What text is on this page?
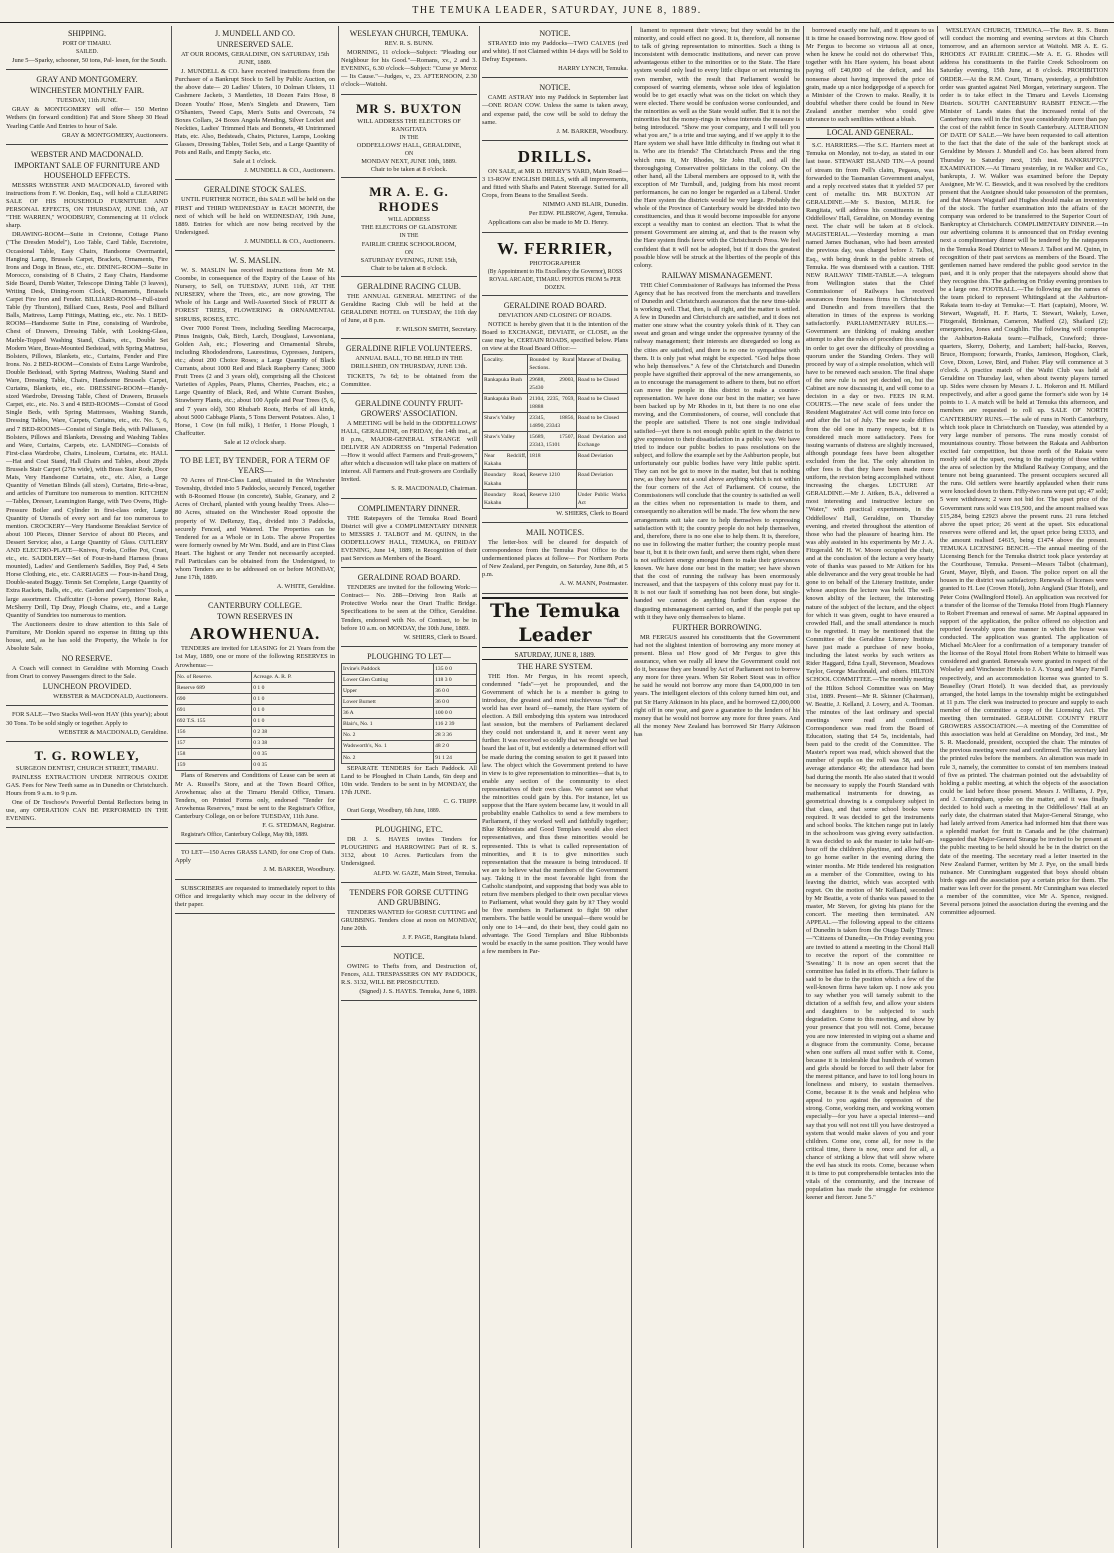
THE TEMUKA LEADER, SATURDAY, JUNE 8, 1889.
SHIPPING.
PORT OF TIMARU.
SAILED.
June 5—Sparky, schooner, 50 tons, Pal- lesen, for the South.
GRAY AND MONTGOMERY.
WINCHESTER MONTHLY FAIR.
TUESDAY, 11th JUNE.
GRAY & MONTGOMERY will offer— 150 Merino Wethers (in forward condition) Fat and Store Sheep 30 Head Yearling Cattle And Entries to hour of Sale.
GRAY & MONTGOMERY, Auctioneers.
WEBSTER AND MACDONALD.
IMPORTANT SALE OF FURNITURE AND HOUSEHOLD EFFECTS.
MESSRS WEBSTER AND MACDONALD, favored with instructions from F. W. Donkin, Esq., will hold a CLEARING SALE OF HIS HOUSEHOLD FURNITURE AND PERSONAL EFFECTS, ON THURSDAY, JUNE 13th, AT "THE WARREN," WOODBURY, Commencing at 11 o'clock sharp.
DRAWING-ROOM—Suite in Cretonne, Cottage Piano ("The Dresden Model"), Loo Table, Card Table, Escretoire, Occasional Table, Easy Chairs, Handsome Overmantel, Hanging Lamp, Brussels Carpet, Brackets, Ornaments, Fire Irons and Dogs in Brass, etc., etc. DINING-ROOM—Suite in Morocco, consisting of 8 Chairs, 2 Easy Chairs, Handsome Side Board, Dumb Waiter, Telescope Dining Table (3 leaves), Writing Desk, Dining-room Clock, Ornaments, Brussels Carpet Fire Iron and Fender. BILLIARD-ROOM—Full-sized Table (by Thurston), Billiard Cues, Rests, Pool and Billiard Balls, Mattress, Lamp Fittings, Matting, etc., etc. No. 1 BED-ROOM—Handsome Suite in Pine, consisting of Wardrobe, Chest of Drawers, Dressing Table, with Looking-Glass, Marble-Topped Washing Stand, Chairs, etc., Double Set Modern Ware, Brass-Mounted Bedstead, with Spring Mattress, Bolsters, Pillows, Blankets, etc., Curtains, Fender and Fire Irons. No. 2 BED-ROOM—Consists of Extra Large Wardrobe, Double Bedstead, with Spring Mattress, Washing Stand and Ware, Dressing Table, Chairs, Handsome Brussels Carpet, Curtains, Blankets, etc., etc. DRESSING-ROOM—Handy-sized Wardrobe, Dressing Table, Chest of Drawers, Brussels Carpet, etc., etc. No. 3 and 4 BED-ROOMS—Consist of Good Single Beds, with Spring Mattresses, Washing Stands, Dressing Tables, Ware, Carpets, Curtains, etc., etc. No. 5, 6, and 7 BED-ROOMS—Consist of Single Beds, with Palliasses, Bolsters, Pillows and Blankets, Dressing and Washing Tables and Ware, Curtains, Carpets, etc. LANDING—Consists of First-class Wardrobe, Chairs, Linoleum, Curtains, etc. HALL—Hat and Coat Stand, Hall Chairs and Tables, about 28yds Brussels Stair Carpet (27in wide), with Brass Stair Rods, Door Mats, Very Handsome Curtains, etc., etc. Also, a Large Quantity of Venetian Blinds (all sizes), Curtains, Bric-a-brac, and articles of Furniture too numerous to mention. KITCHEN—Tables, Dresser, Leamington Range, with Two Ovens, High-Pressure Boiler and Cylinder in first-class order, Large Quantity of Utensils of every sort and far too numerous to mention. CROCKERY—Very Handsome Breakfast Service of about 100 Pieces, Dinner Service of about 80 Pieces, and Dessert Service; also, a Large Quantity of Glass. CUTLERY AND ELECTRO-PLATE—Knives, Forks, Coffee Pot, Cruet, etc., etc. SADDLERY—Set of Four-in-hand Harness (brass mounted), Ladies' and Gentlemen's Saddles, Boy Pad, 4 Sets Horse Clothing, etc., etc. CARRIAGES — Four-in-hand Drag, Double-seated Buggy. Tennis Set Complete, Large Quantity of Extra Rackets, Balls, etc., etc. Garden and Carpenters' Tools, a large assortment. Chaffcutter (1-horse power), Horse Rake, McSherry Drill, Tip Dray, Plough Chains, etc., and a Large Quantity of Sundries too numerous to mention.
The Auctioneers desire to draw attention to this Sale of Furniture, Mr Donkin spared no expense in fitting up this house, and, as he has sold the Property, the Whole is for Absolute Sale.
NO RESERVE.
A Coach will connect in Geraldine with Morning Coach from Orari to convey Passengers direct to the Sale.
LUNCHEON PROVIDED.
WEBSTER & MACDONALD, Auctioneers.
FOR SALE—Two Stacks Well-won HAY (this year's); about 30 Tons. To be sold singly or together. Apply to
WEBSTER & MACDONALD, Geraldine.
T. G. ROWLEY,
SURGEON DENTIST, CHURCH STREET, TIMARU.
PAINLESS EXTRACTION UNDER NITROUS OXIDE GAS. Fees for New Teeth same as in Dunedin or Christchurch. Hours from 9 a.m. to 9 p.m.
One of Dr Teschow's Powerful Dental Reflectors being in use, any OPERATION CAN BE PERFORMED IN THE EVENING.
J. MUNDELL AND CO.
UNRESERVED SALE.
AT OUR ROOMS, GERALDINE, ON SATURDAY, 15th JUNE, 1889.
J. MUNDELL & CO. have received instructions from the Purchaser of a Bankrupt Stock to Sell by Public Auction, on the above date— 20 Ladies' Ulsters, 10 Dolman Ulsters, 11 Cashmere Jackets, 3 Mantlettes, 18 Dozen Fairs Hose, 8 Dozen Youths' Hose, Men's Singlets and Drawers, Tam O'Shanters, Tweed Caps, Men's Suits and Overcoats, 74 Boxes Collars, 24 Boxes Angola Mending, Silver Locket and Neckties, Ladies' Trimmed Hats and Bonnets, 48 Untrimmed Hats, etc. Also, Bedsteads, Chairs, Pictures, Lamps, Looking Glasses, Dressing Tables, Toilet Sets, and a Large Quantity of Pots and Rails, and Empty Sacks, etc.
Sale at 1 o'clock.
J. MUNDELL & CO., Auctioneers.
GERALDINE STOCK SALES.
UNTIL FURTHER NOTICE, this SALE will be held on the FIRST and THIRD WEDNESDAY in EACH MONTH, the next of which will be held on WEDNESDAY, 19th June, 1889. Entries for which are now being received by the Undersigned.
J. MUNDELL & CO., Auctioneers.
W. S. MASLIN.
W. S. MASLIN has received instructions from Mr M. Coombe, in consequence of the Expiry of the Lease of his Nursery, to Sell, on TUESDAY, JUNE 11th, AT THE NURSERY, where the Trees, etc., are now growing, The Whole of his Large and Well-Assorted Stock of FRUIT & FOREST TREES, FLOWERING & ORNAMENTAL SHRUBS, ROSES, ETC.
Over 7000 Forest Trees, including Seedling Macrocarpa, Pinus Insignis, Oak, Birch, Larch, Douglassi, Lawsoniana, Golden Ash, etc.; Flowering and Ornamental Shrubs, including Rhododendrons, Laurestinus, Cypresses, Junipers, etc.; about 200 Choice Roses; a Large Quantity of Black Currants, about 1000 Red and Black Raspberry Canes; 3000 Fruit Trees (2 and 3 years old), comprising all the Choicest Varieties of Apples, Pears, Plums, Cherries, Peaches, etc.; a Large Quantity of Black, Red, and White Currant Bushes, Strawberry Plants, etc.; about 100 Apple and Pear Trees (5, 6, and 7 years old), 300 Rhubarb Roots, Herbs of all kinds, about 5000 Cabbage Plants, 5 Tons Derwent Potatoes. Also, 1 Horse, 1 Cow (in full milk), 1 Heifer, 1 Horse Plough, 1 Chaffcutter.
Sale at 12 o'clock sharp.
TO BE LET, BY TENDER, FOR A TERM OF YEARS—
70 Acres of First-Class Land, situated in the Winchester Township, divided into 5 Paddocks, securely Fenced, together with 8-Roomed House (in concrete), Stable, Granary, and 2 Acres of Orchard, planted with young healthy Trees. Also— 80 Acres, situated on the Winchester Road opposite the property of W. DeRenzy, Esq., divided into 3 Paddocks, securely Fenced, and Watered. The Properties can be Tendered for as a Whole or in Lots. The above Properties were formerly owned by Mr Wm. Budd, and are in First Class Heart. The highest or any Tender not necessarily accepted. Full Particulars can be obtained from the Undersigned, to whom Tenders are to be addressed on or before MONDAY, June 17th, 1889.
A. WHITE, Geraldine.
CANTERBURY COLLEGE.
TOWN RESERVES IN
AROWHENUA.
TENDERS are invited for LEASING for 21 Years from the 1st May, 1889, one or more of the following RESERVES in Arowhenua:—
No. of Reserve.	Acreage. A. R. P.
Reserve 689	0 1 0
690	0 1 0
691	0 1 0
692 T.S. 155	0 1 0
156	0 2 38
157	0 3 38
158	0 0 35
159	0 0 35
Plans of Reserves and Conditions of Lease can be seen at Mr A. Russell's Store, and at the Town Board Office, Arowhenua; also at the Timaru Herald Office, Timaru. Tenders, on Printed Forms only, endorsed "Tender for Arowhenua Reserves," must be sent to the Registrar's Office, Canterbury College, on or before TUESDAY, 11th June.
F. G. STEDMAN, Registrar.
Registrar's Office, Canterbury College, May 8th, 1889.
TO LET—150 Acres GRASS LAND, for one Crop of Oats. Apply
J. M. BARKER, Woodbury.
SUBSCRIBERS are requested to immediately report to this Office and irregularity which may occur in the delivery of their paper.
WESLEYAN CHURCH, TEMUKA.
REV. R. S. BUNN.
MORNING, 11 o'clock—Subject: "Pleading our Neighbour for his Good."—Romans, xv., 2 and 3. EVENING, 6.30 o'clock—Subject: "Curse ye Meroz — Its Cause."—Judges, v., 23. AFTERNOON, 2.30 o'clock—Waitohi.
MR S. BUXTON
WILL ADDRESS THE ELECTORS OF RANGITATA
IN THE
ODDFELLOWS' HALL, GERALDINE,
ON
MONDAY NEXT, JUNE 10th, 1889.
Chair to be taken at 8 o'clock.
MR A. E. G. RHODES
WILL ADDRESS
THE ELECTORS OF GLADSTONE
IN THE
FAIRLIE CREEK SCHOOLROOM,
ON
SATURDAY EVENING, JUNE 15th,
Chair to be taken at 8 o'clock.
GERALDINE RACING CLUB.
THE ANNUAL GENERAL MEETING of the Geraldine Racing Club will be held at the GERALDINE HOTEL on TUESDAY, the 11th day of June, at 8 p.m.
F. WILSON SMITH, Secretary.
GERALDINE RIFLE VOLUNTEERS.
ANNUAL BALL, TO BE HELD IN THE DRILLSHED, ON THURSDAY, JUNE 13th.
TICKETS, 7s 6d; to be obtained from the Committee.
GERALDINE COUNTY FRUIT-GROWERS' ASSOCIATION.
A MEETING will be held in the ODDFELLOWS' HALL, GERALDINE, on FRIDAY, the 14th inst., at 8 p.m., MAJOR-GENERAL STRANGE will DELIVER AN ADDRESS on "Imperial Federation—How it would affect Farmers and Fruit-growers," after which a discussion will take place on matters of interest. All Farmers and Fruit-growers are Cordially Invited.
S. R. MACDONALD, Chairman.
COMPLIMENTARY DINNER.
THE Ratepayers of the Temuka Road Board District will give a COMPLIMENTARY DINNER to MESSRS J. TALBOT and M. QUINN, in the ODDFELLOWS' HALL, TEMUKA, on FRIDAY EVENING, June 14, 1889, in Recognition of their past Services as Members of the Board.
GERALDINE ROAD BOARD.
TENDERS are invited for the following Work:— Contract— No. 288—Driving Iron Rails at Protective Works near the Orari Traffic Bridge. Specifications to be seen at the Office, Geraldine. Tenders, endorsed with No. of Contract, to be in before 10 a.m. on MONDAY, the 10th June, 1889.
W. SHIERS, Clerk to Board.
PLOUGHING TO LET—
Irvine's Paddock	135 0 0
Lower Glen Cutting	118 3 0
Upper	36 0 0
Lower Burnett	36 0 0
36 A	100 0 0
Blair's, No. 1	116 2 39
No. 2	28 3 36
Wadsworth's, No. 1	48 2 0
No. 2	91 1 24
SEPARATE TENDERS for Each Paddock. All Land to be Ploughed in Chain Lands, 6in deep and 10in wide. Tenders to be sent in by MONDAY, the 17th JUNE.
C. G. TRIPP.
Orari Gorge, Woodbury, 6th June, 1889.
PLOUGHING, ETC.
DR J. S. HAYES invites Tenders for PLOUGHING and HARROWING Part of R. S. 3132, about 10 Acres. Particulars from the Undersigned.
ALFD. W. GAZE, Main Street, Temuka.
TENDERS FOR GORSE CUTTING AND GRUBBING.
TENDERS WANTED for GORSE CUTTING and GRUBBING. Tenders close at noon on MONDAY, June 20th.
J. F. PAGE, Rangitata Island.
NOTICE.
OWING to Thefts from, and Destruction of, Fences, ALL TRESPASSERS ON MY PADDOCK, R.S. 3132, WILL BE PROSECUTED.
(Signed) J. S. HAYES. Temuka, June 6, 1889.
NOTICE.
STRAYED into my Paddocks—TWO CALVES (red and white). If not Claimed within 14 days will be Sold to Defray Expenses.
HARRY LYNCH, Temuka.
NOTICE.
CAME ASTRAY into my Paddock in September last—ONE ROAN COW. Unless the same is taken away, and expense paid, the cow will be sold to defray the same.
J. M. BARKER, Woodbury.
DRILLS.
ON SALE, at MR D. HENRY'S YARD, Main Road—3 13-ROW ENGLISH DRILLS, with all improvements, and fitted with Shafts and Patent Steerage. Suited for all Crops, from Beans to the Smallest Seeds.
NIMMO AND BLAIR, Dunedin.
Per EDW. PILBROW, Agent, Temuka.
Applications can also be made to Mr D. Henry.
W. FERRIER,
PHOTOGRAPHER
(By Appointment to His Excellency the Governor), ROSS ROYAL ARCADE, TIMARU. PHOTOS FROM 5s PER DOZEN.
GERALDINE ROAD BOARD.
DEVIATION AND CLOSING OF ROADS.
NOTICE is hereby given that it is the intention of the Board to EXCHANGE, DEVIATE, or CLOSE, as the case may be, CERTAIN ROADS, specified below. Plans on view at the Road Board Office:—
Locality.	Bounded by Rural Sections.	Manner of Dealing.
Rankapuka Bush	29688, 29003, 25430	Road to be Closed
Rankapuka Bush	21104, 2235, 7059, 18888	Road to be Closed
Shaw's Valley	23345, 18856, 14890, 23343	Road to be Closed
Shaw's Valley	15689, 17507, 23343, 15101	Road Deviation and Exchange
Near Redcliff, Kakahu	1818	Road Deviation
Boundary Road, Kakahu	Reserve 1210	Road Deviation
Boundary Road, Kakahu	Reserve 1210	Under Public Works Act
W. SHIERS, Clerk to Board
MAIL NOTICES.
The letter-box will be cleared for despatch of correspondence from the Temuka Post Office to the undermentioned places at follow— For Northern Ports of New Zealand, per Penguin, on Saturday, June 8th, at 5 p.m.
A. W. MANN, Postmaster.
The Temuka Leader
SATURDAY, JUNE 8, 1889.
THE HARE SYSTEM.
THE Hon. Mr Fergus, in his recent speech, condemned "fads"—yet he propounded, and the Government of which he is a member is going to introduce, the greatest and most mischievous "fad" the world has ever heard of—namely, the Hare system of election. A Bill embodying this system was introduced last session, but the members of Parliament declared they could not understand it, and it never went any further. It was received so coldly that we thought we had heard the last of it, but evidently a determined effort will be made during the coming session to get it passed into law. The object which the Government pretend to have in view is to give representation to minorities—that is, to enable any section of the community to elect representatives of their own class. We cannot see what the minorities could gain by this. For instance, let us suppose that the Hare system became law, it would in all probability enable Catholics to send a few members to Parliament, if they worked well and faithfully together; Blue Ribbonists and Good Templars would also elect representatives, and thus these minorities would be represented. This is what is called representation of minorities, and it is to give minorities such representation that the measure is being introduced. If we are to believe what the members of the Government say. Taking it in the most favorable light from the Catholic standpoint, and supposing that body was able to return five members pledged to their own peculiar views to Parliament, what would they gain by it? They would be five members in Parliament to fight 90 other members. The battle would be unequal—there would be only one to 14—and, do their best, they could gain no advantage. The Good Templars and Blue Ribbonists would be exactly in the same position. They would have a few members in Par-
liament to represent their views; but they would be in the minority, and could effect no good. It is, therefore, all nonsense to talk of giving representation to minorities. Such a thing is inconsistent with democratic institutions, and never can prove advantageous either to the minorities or to the State. The Hare system would only lead to every little clique or set returning its own member, with the result that Parliament would be composed of warring elements, whose sole idea of legislation would be to get exactly what was on the ticket on which they were elected. There would be confusion worse confounded, and the minorities as well as the State would suffer. But it is not the minorities but the money-rings in whose interests the measure is being introduced. "Show me your company, and I will tell you what you are," is a trite and true saying, and if we apply it to the Hare system we shall have little difficulty in finding out what it is. Who are its friends? The Christchurch Press and the ring which runs it, Mr Rhodes, Sir John Hall, and all the thoroughgoing Conservative politicians in the colony. On the other hand, all the Liberal members are opposed to it, with the exception of Mr Turnbull, and, judging from his most recent performances, he can no longer be regarded as a Liberal. Under the Hare system the districts would be very large. Probably the whole of the Province of Canterbury would be divided into two constituencies, and thus it would become impossible for anyone except a wealthy man to contest an election. That is what the present Government are aiming at, and that is the reason why the Hare system finds favor with the Christchurch Press. We feel confident that it will not be adopted, but if it does the greatest possible blow will be struck at the liberties of the people of this colony.
RAILWAY MISMANAGEMENT.
THE Chief Commissioner of Railways has informed the Press Agency that he has received from the merchants and travellers of Dunedin and Christchurch assurances that the new time-table is working well. That, then, is all right, and the matter is settled. A few in Dunedin and Christchurch are satisfied, and it does not matter one straw what the country yokels think of it. They can sweat and groan and winge under the oppressive tyranny of the railway management; their interests are disregarded so long as the cities are satisfied, and there is no one to sympathise with them. It is only just what might be expected. "God helps those who help themselves." A few of the Christchurch and Dunedin people have signified their approval of the new arrangements, so as to encourage the management to adhere to them, but no effort can move the people in this district to make a counter-representation. We have done our best in the matter; we have been backed up by Mr Rhodes in it, but there is no one else moving, and the Commissioners, of course, will conclude that the people are satisfied. There is not one single individual satisfied—yet there is not enough public spirit in the district to give expression to their dissatisfaction in a public way. We have tried to induce our public bodies to pass resolutions on the subject, and follow the example set by the Ashburton people, but unfortunately our public bodies have very little public spirit. They can not be got to move in the matter, but that is nothing new, as they have not a soul above anything which is not within the four corners of the Act of Parliament. Of course, the Commissioners will conclude that the country is satisfied as well as the cities when no representation is made to them, and consequently no alteration will be made. The few whom the new arrangements suit take care to help themselves to expressing satisfaction with it; the country people do not help themselves, and, therefore, there is no one else to help them. It is, therefore, no use in following the matter further; the country people must bear it, but it is their own fault, and serve them right, when there is not sufficient energy amongst them to make their grievances known. We have done our best in the matter; we have shown that the cost of running the railway has been enormously increased, and that the taxpayers of this colony must pay for it. It is not our fault if something has not been done, but single-handed we cannot do anything further than expose the disgusting mismanagement carried on, and if the people put up with it they have only themselves to blame.
FURTHER BORROWING.
MR FERGUS assured his constituents that the Government had not the slightest intention of borrowing any more money at present. Bless us! How good of Mr Fergus to give this assurance, when we really all knew the Government could not do it, because they are bound by Act of Parliament not to borrow any more for three years. When Sir Robert Stout was in office he said he would not borrow any more than £4,000,000 in ten years. The intelligent electors of this colony turned him out, and put Sir Harry Atkinson in his place, and he borrowed £2,000,000 right off in one year, and gave a guarantee to the lenders of his money that he would not borrow any more for three years. And all the money New Zealand has borrowed Sir Harry Atkinson has
borrowed exactly one half, and it appears to us it is time he ceased borrowing now. How good of Mr Fergus to become so virtuous all at once, when he knew he could not do otherwise! This, together with his Hare system, his boast about paying off £40,000 of the deficit, and his nonsense about having improved the price of grain, made up a nice hodgepodge of a speech for a Minister of the Crown to make. Really, it is doubtful whether there could be found in New Zealand another member who could give utterance to such senilities without a blush.
LOCAL AND GENERAL.
S.C. HARRIERS.—The S.C. Harriers meet at Temuka on Monday, not to-day, as stated in our last issue. STEWART ISLAND TIN.—A pound of stream tin from Pell's claim, Pegasus, was forwarded to the Tasmanian Government analyst, and a reply received states that it yielded 57 per cent of metallic tin. MR BUXTON AT GERALDINE.—Mr S. Buxton, M.H.R. for Rangitata, will address his constituents in the Oddfellows' Hall, Geraldine, on Monday evening next. The chair will be taken at 8 o'clock. MAGISTERIAL.—Yesterday morning a man named James Buchanan, who had been arrested the previous day, was charged before J. Talbot, Esq., with being drunk in the public streets of Temuka. He was dismissed with a caution. THE NEW RAILWAY TIME-TABLE.—A telegram from Wellington states that the Chief Commissioner of Railways has received assurances from business firms in Christchurch and Dunedin and from travellers that the alteration in times of the express is working satisfactorily. PARLIAMENTARY RULES.—Government are thinking of making another attempt to alter the rules of procedure this session in order to get over the difficulty of providing a quorum under the Standing Orders. They will proceed by way of a simple resolution, which will have to be renewed each session. The final shape of the new rule is not yet decided on, but the Cabinet are now discussing it, and will come to a decision in a day or two. FEES IN R.M. COURTS.—The new scale of fees under the Resident Magistrates' Act will come into force on and after the 1st of July. The new scale differs from the old one in many respects, but it is considered much more satisfactory. Fees for issuing warrants of distress are slightly increased, although poundage fees have been altogether excluded from the list. The only alteration in other fees is that they have been made more uniform, the revision being accomplished without increasing the charges. LECTURE AT GERALDINE.—Mr J. Aitken, B.A., delivered a most interesting and instructive lecture on "Water," with practical experiments, in the Oddfellows' Hall, Geraldine, on Thursday evening, and riveted throughout the attention of those who had the pleasure of hearing him. He was ably assisted in his experiments by Mr J. A. Fitzgerald. Mr H. W. Moore occupied the chair, and at the conclusion of the lecture a very hearty vote of thanks was passed to Mr Aitken for his able deliverance and the very great trouble he had gone to on behalf of the Literary Institute, under whose auspices the lecture was held. The well-known ability of the lecturer, the interesting nature of the subject of the lecture, and the object for which it was given, ought to have ensured a crowded Hall, and the small attendance is much to be regretted. It may be mentioned that the Committee of the Geraldine Literary Institute have just made a purchase of new books, including the latest works by such writers as Rider Haggard, Edna Lyall, Stevenson, Meadows Taylor, George Macdonald, and others. HILTON SCHOOL COMMITTEE.—The monthly meeting of the Hilton School Committee was on May 31st, 1889. Present—Mr R. Skinner (Chairman), W. Beattie, J. Kelland, J. Lowry, and A. Tooman. The minutes of the last ordinary and special meetings were read and confirmed. Correspondence was read from the Board of Education, stating that £4 5s, incidentals, had been paid to the credit of the Committee. The Master's report was read, which showed that the number of pupils on the roll was 58, and the average attendance 49; the attendance had been bad during the month. He also stated that it would be necessary to supply the Fourth Standard with mathematical instruments for drawing, as geometrical drawing is a compulsory subject in that class, and that some school books were required. It was decided to get the instruments and school books. The kitchen range put in lately in the schoolroom was giving every satisfaction. It was decided to ask the master to take half-an-hour off the children's playtime, and allow them to go home earlier in the evening during the winter months. Mr Hide tendered his resignation as a member of the Committee, owing to his leaving the district, which was accepted with regret. On the motion of Mr Kelland, seconded by Mr Beattie, a vote of thanks was passed to the master, Mr Steven, for giving his piano for the concert. The meeting then terminated. AN APPEAL.—The following appeal to the citizens of Dunedin is taken from the Otago Daily Times:—"Citizens of Dunedin,—On Friday evening you are invited to attend a meeting in the Choral Hall to receive the report of the committee re 'Sweating.' It is now an open secret that the committee has failed in its efforts. Their failure is said to be due to the position which a few of the well-known firms have taken up. I now ask you to say whether you will tamely submit to the dictation of a selfish few, and allow your sisters and daughters to be subjected to such degradation. Come to this meeting, and show by your presence that you will not. Come, because you are now interested in wiping out a shame and a disgrace from the community. Come, because when one suffers all must suffer with it. Come, because it is intolerable that hundreds of women and girls should be forced to sell their labor for the merest pittance, and have to toil long hours in loneliness and misery, to sustain themselves. Come, because it is the weak and helpless who appeal to you against the oppression of the strong. Come, working men, and working women especially—for you have a special interest—and say that you will not rest till you have destroyed a system that would make slaves of you and your children. Come one, come all, for now is the critical time, there is now, once and for all, a chance of striking a blow that will show where the evil has stuck its roots. Come, because when it is time to put comprehensible tentacles into the vitals of the community, and the increase of population has made the struggle for existence keener and fiercer. June 5."
WESLEYAN CHURCH, TEMUKA.—The Rev. R. S. Bunn will conduct the morning and evening services at this Church tomorrow, and an afternoon service at Waitohi. MR A. E. G. RHODES AT FAIRLIE CREEK.—Mr A. E. G. Rhodes will address his constituents in the Fairlie Creek Schoolroom on Saturday evening, 15th June, at 8 o'clock. PROHIBITION ORDER.—At the R.M. Court, Timaru, yesterday, a prohibition order was granted against Neil Morgan, veterinary surgeon. The order is to take effect in the Timaru and Levels Licensing Districts. SOUTH CANTERBURY RABBIT FENCE.—The Minister of Lands states that the increased rental of the Canterbury runs will in the first year considerably more than pay the cost of the rabbit fence in South Canterbury. ALTERATION OF DATE OF SALE.—We have been requested to call attention to the fact that the date of the sale of the bankrupt stock at Geraldine by Messrs J. Mundell and Co. has been altered from Thursday to Saturday next, 15th inst. BANKRUPTCY EXAMINATION.—At Timaru yesterday, in re Walker and Co., bankrupts, J. W. Walker was examined before the Deputy Assignee, Mr W. C. Beswick, and it was resolved by the creditors present that the Assignee should take possession of the premises, and that Messrs Wagstaff and Hughes should make an inventory of the stock. The further examination into the affairs of the company was ordered to be transferred to the Superior Court of Bankruptcy at Christchurch. COMPLIMENTARY DINNER.—In our advertising columns it is announced that on Friday evening next a complimentary dinner will be tendered by the ratepayers in the Temuka Road District to Messrs J. Talbot and M. Quinn, in recognition of their past services as members of the Board. The gentlemen named have rendered the public good service in the past, and it is only proper that the ratepayers should show that they recognise this. The gathering on Friday evening promises to be a large one. FOOTBALL.—The following are the names of the team picked to represent Whitingsland at the Ashburton-Rakaia team to-day at Temuka:—T. Hart (captain), Moore, W. Stewart, Wagstaff, H. F. Harts, T. Stewart, Wakely, Lowe, Fitzgerald, Brinkman, Cameron, Mafferd (2), Shailard (2); emergencies, Jones and Coughlin. The following will comprise the Ashburton-Rakaia team:—Fullback, Crawford; three-quarters, Skerry, Doherty, and Lambert; half-backs, Reeves, Bruce, Hompson; forwards, Franks, Jamieson, Hogdson, Clark, Cove, Dixon, Lowe, Bird, and Fisher. Play will commence at 3 o'clock. A practice match of the Waihi Club was held at Geraldine on Thursday last, when about twenty players turned up. Sides were chosen by Messrs J. L. Hokeron and H. Millard respectively, and after a good game the former's side won by 14 points to 1. A match will be held at Temuka this afternoon, and members are requested to roll up. SALE OF NORTH CANTERBURY RUNS.—The sale of runs in North Canterbury, which took place in Christchurch on Tuesday, was attended by a very large number of persons. The runs mostly consist of mountainous country. Those between the Rakaia and Ashburton excited fair competition, but those north of the Rakaia were mostly sold at the upset, owing to the majority of those within the area of selection by the Midland Railway Company, and the tenure not being guaranteed. The present occupiers secured all the runs. Old settlers were heartily applauded when their runs were knocked down to them. Fifty-two runs were put up; 47 sold; 5 were withdrawn; 2 were not bid for. The upset price of the Government runs sold was £19,500, and the amount realised was £15,284, being £2923 above the present runs. 21 runs fetched above the upset price; 26 went at the upset. Six educational reserves were offered and let, the upset price being £3333, and the amount realised £4615, being £1474 above the present. TEMUKA LICENSING BENCH.—The annual meeting of the Licensing Bench for the Temuka district took place yesterday at the Courthouse, Temuka. Present—Messrs Talbot (chairman), Grant, Mayer, Blyth, and Esson. The police report on all the houses in the district was satisfactory. Renewals of licenses were granted to H. Lee (Crown Hotel), John Angland (Star Hotel), and Peter Coira (Wallingford Hotel). An application was received for a transfer of the license of the Temuka Hotel from Hugh Flannery to Robert Freeman and renewal of same. Mr Aspinal appeared in support of the application, the police offered no objection and reported favorably upon the manner in which the house was conducted. The application was granted. The application of Michael McAleer for a confirmation of a temporary transfer of the license of the Royal Hotel from Robert White to himself was considered and granted. Renewals were granted in respect of the Wolseley and Winchester Hotels to J. A. Young and Mary Farrell respectively, and an accommodation license was granted to S. Beaselley (Orari Hotel). It was decided that, as previously arranged, the hotel lamps in the township might be extinguished at 11 p.m. The clerk was instructed to procure and supply to each member of the committee a copy of the Licensing Act. The meeting then terminated. GERALDINE COUNTY FRUIT GROWERS ASSOCIATION.—A meeting of the Committee of this association was held at Geraldine on Monday, 3rd inst., Mr S. R. Macdonald, president, occupied the chair. The minutes of the previous meeting were read and confirmed. The secretary laid the printed rules before the members. An alteration was made in rule 3, namely, the committee to consist of ten members instead of five as printed. The chairman pointed out the advisability of holding a public meeting, at which the objects of the association could be laid before those present. Messrs J. Williams, J. Pye, and J. Cunningham, spoke on the matter, and it was finally decided to hold such a meeting in the Oddfellows' Hall at an early date, the chairman stated that Major-General Strange, who had lately arrived from America had informed him that there was a splendid market for fruit in Canada and he (the chairman) suggested that Major-General Strange be invited to be present at the public meeting to be held should he be in the district on the date of the meeting. The secretary read a letter inserted in the New Zealand Farmer, written by Mr J. Pye, on the small birds nuisance. Mr Cunningham suggested that boys should obtain birds eggs and the association pay a certain price for them. The matter was left over for the present. Mr Cunningham was elected a member of the committee, vice Mr A. Spence, resigned. Several persons joined the association during the evening and the committee adjourned.
